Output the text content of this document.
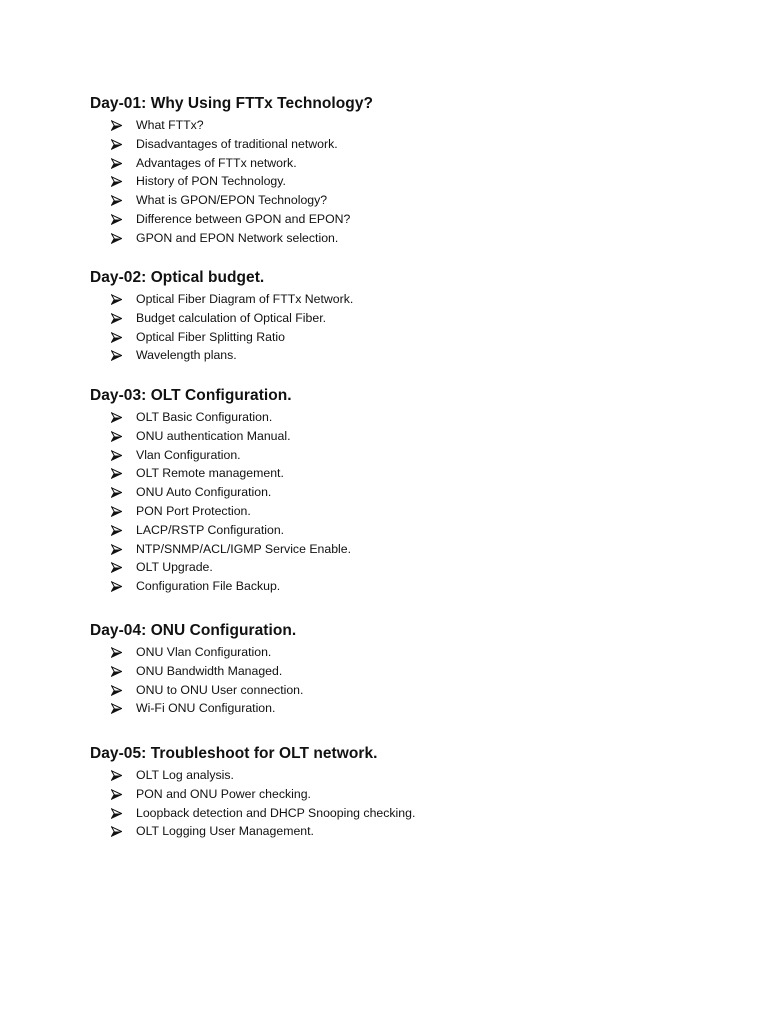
Day-01: Why Using FTTx Technology?
What FTTx?
Disadvantages of traditional network.
Advantages of FTTx network.
History of PON Technology.
What is GPON/EPON Technology?
Difference between GPON and EPON?
GPON and EPON Network selection.
Day-02: Optical budget.
Optical Fiber Diagram of FTTx Network.
Budget calculation of Optical Fiber.
Optical Fiber Splitting Ratio
Wavelength plans.
Day-03: OLT Configuration.
OLT Basic Configuration.
ONU authentication Manual.
Vlan Configuration.
OLT Remote management.
ONU Auto Configuration.
PON Port Protection.
LACP/RSTP Configuration.
NTP/SNMP/ACL/IGMP Service Enable.
OLT Upgrade.
Configuration File Backup.
Day-04: ONU Configuration.
ONU Vlan Configuration.
ONU Bandwidth Managed.
ONU to ONU User connection.
Wi-Fi ONU Configuration.
Day-05: Troubleshoot for OLT network.
OLT Log analysis.
PON and ONU Power checking.
Loopback detection and DHCP Snooping checking.
OLT Logging User Management.
